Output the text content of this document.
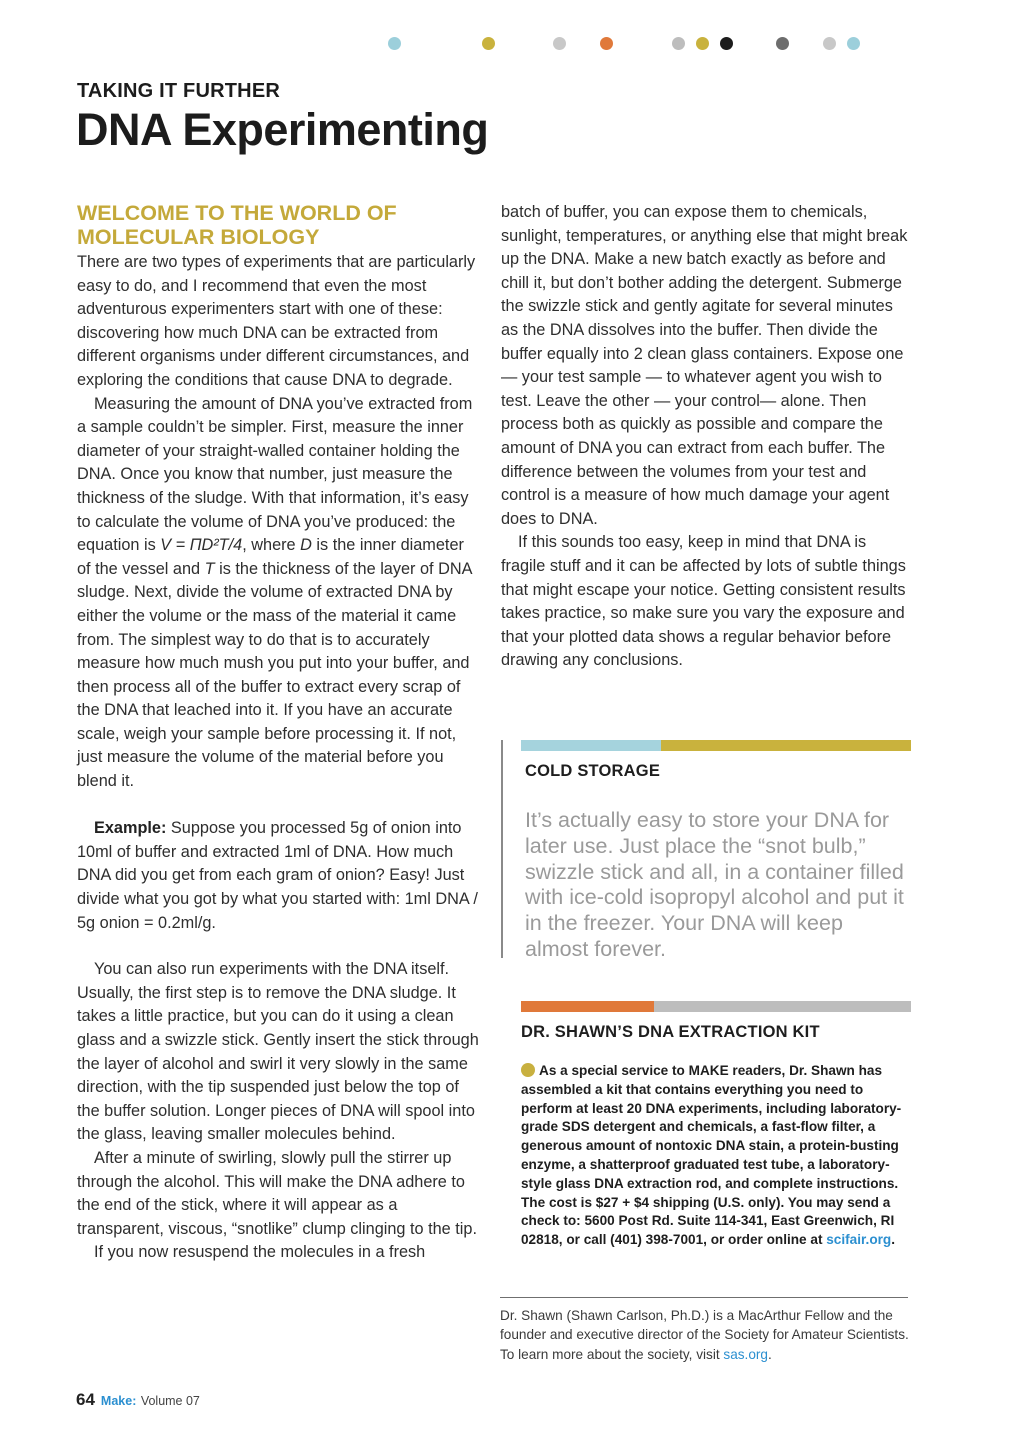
TAKING IT FURTHER
DNA Experimenting
WELCOME TO THE WORLD OF
MOLECULAR BIOLOGY

There are two types of experiments that are particularly easy to do, and I recommend that even the most adventurous experimenters start with one of these: discovering how much DNA can be extracted from different organisms under different circumstances, and exploring the conditions that cause DNA to degrade.

Measuring the amount of DNA you’ve extracted from a sample couldn’t be simpler. First, measure the inner diameter of your straight-walled container holding the DNA. Once you know that number, just measure the thickness of the sludge. With that information, it’s easy to calculate the volume of DNA you’ve produced: the equation is V = ΠD²T/4, where D is the inner diameter of the vessel and T is the thickness of the layer of DNA sludge. Next, divide the volume of extracted DNA by either the volume or the mass of the material it came from. The simplest way to do that is to accurately measure how much mush you put into your buffer, and then process all of the buffer to extract every scrap of the DNA that leached into it. If you have an accurate scale, weigh your sample before processing it. If not, just measure the volume of the material before you blend it.

Example: Suppose you processed 5g of onion into 10ml of buffer and extracted 1ml of DNA. How much DNA did you get from each gram of onion? Easy! Just divide what you got by what you started with: 1ml DNA / 5g onion = 0.2ml/g.

You can also run experiments with the DNA itself. Usually, the first step is to remove the DNA sludge. It takes a little practice, but you can do it using a clean glass and a swizzle stick. Gently insert the stick through the layer of alcohol and swirl it very slowly in the same direction, with the tip suspended just below the top of the buffer solution. Longer pieces of DNA will spool into the glass, leaving smaller molecules behind.

After a minute of swirling, slowly pull the stirrer up through the alcohol. This will make the DNA adhere to the end of the stick, where it will appear as a transparent, viscous, “snotlike” clump clinging to the tip.

If you now resuspend the molecules in a fresh

batch of buffer, you can expose them to chemicals, sunlight, temperatures, or anything else that might break up the DNA. Make a new batch exactly as before and chill it, but don’t bother adding the detergent. Submerge the swizzle stick and gently agitate for several minutes as the DNA dissolves into the buffer. Then divide the buffer equally into 2 clean glass containers. Expose one — your test sample — to whatever agent you wish to test. Leave the other — your control— alone. Then process both as quickly as possible and compare the amount of DNA you can extract from each buffer. The difference between the volumes from your test and control is a measure of how much damage your agent does to DNA.

If this sounds too easy, keep in mind that DNA is fragile stuff and it can be affected by lots of subtle things that might escape your notice. Getting consistent results takes practice, so make sure you vary the exposure and that your plotted data shows a regular behavior before drawing any conclusions.

COLD STORAGE
It’s actually easy to store your DNA for later use. Just place the “snot bulb,” swizzle stick and all, in a container filled with ice-cold isopropyl alcohol and put it in the freezer. Your DNA will keep almost forever.
DR. SHAWN’S DNA EXTRACTION KIT
As a special service to MAKE readers, Dr. Shawn has assembled a kit that contains everything you need to perform at least 20 DNA experiments, including laboratory-grade SDS detergent and chemicals, a fast-flow filter, a generous amount of nontoxic DNA stain, a protein-busting enzyme, a shatterproof graduated test tube, a laboratory-style glass DNA extraction rod, and complete instructions. The cost is $27 + $4 shipping (U.S. only). You may send a check to: 5600 Post Rd. Suite 114-341, East Greenwich, RI 02818, or call (401) 398-7001, or order online at scifair.org.
Dr. Shawn (Shawn Carlson, Ph.D.) is a MacArthur Fellow and the founder and executive director of the Society for Amateur Scientists. To learn more about the society, visit sas.org.
64 Make: Volume 07
